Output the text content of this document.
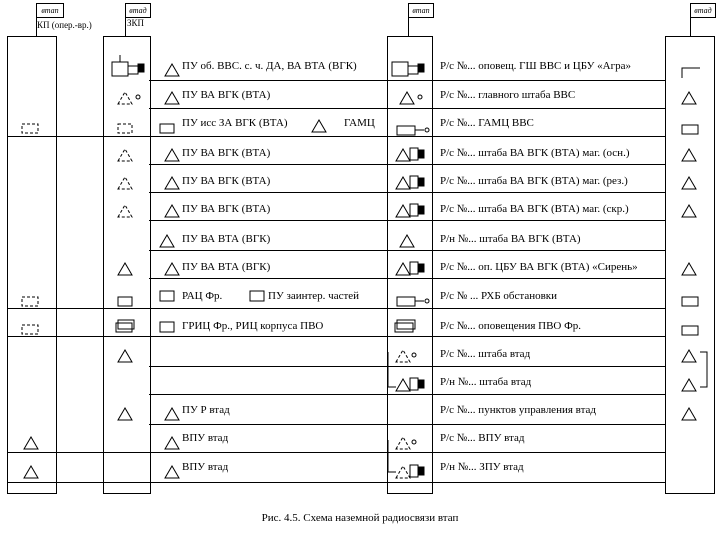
втап
КП (опер.-вр.)
втад
ЗКП
втап	втад
ПУ об. ВВС. с. ч. ДА, ВА ВТА (ВГК)
ПУ ВА ВГК (ВТА)
ПУ исс ЗА ВГК (ВТА)	ГАМЦ
ПУ ВА ВГК (ВТА)
ПУ ВА ВГК (ВТА)
ПУ ВА ВГК (ВТА)
ПУ ВА ВТА (ВГК)
ПУ ВА ВТА (ВГК)
РАЦ Фр.	ПУ заинтер. частей
ГРИЦ Фр., РИЦ корпуса ПВО
ПУ Р втад
ВПУ втад
ВПУ втад
Р/с №... оповещ. ГШ ВВС и ЦБУ «Агра»
Р/с №... главного штаба ВВС
Р/с №... ГАМЦ ВВС
Р/с №... штаба ВА ВГК (ВТА) маг. (осн.)
Р/с №... штаба ВА ВГК (ВТА) маг. (рез.)
Р/с №... штаба ВА ВГК (ВТА) маг. (скр.)
Р/н №... штаба ВА ВГК (ВТА)
Р/с №... оп. ЦБУ ВА ВГК (ВТА) «Сирень»
Р/с № ... РХБ обстановки
Р/с №... оповещения ПВО Фр.
Р/с №... штаба втад
Р/н №... штаба втад
Р/с №... пунктов управления втад
Р/с №... ВПУ втад
Р/н №... ЗПУ втад
Рис. 4.5. Схема наземной радиосвязи втап
